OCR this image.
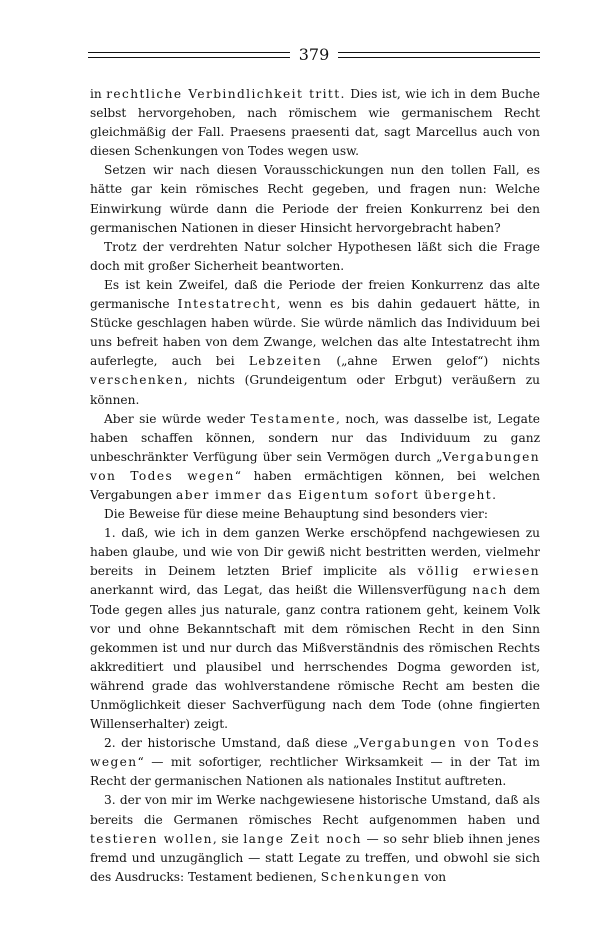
379

in rechtliche Verbindlichkeit tritt. Dies ist, wie ich in dem Buche selbst hervorgehoben, nach römischem wie germanischem Recht gleichmäßig der Fall. Praesens praesenti dat, sagt Marcellus auch von diesen Schenkungen von Todes wegen usw.

Setzen wir nach diesen Vorausschickungen nun den tollen Fall, es hätte gar kein römisches Recht gegeben, und fragen nun: Welche Einwirkung würde dann die Periode der freien Konkurrenz bei den germanischen Nationen in dieser Hinsicht hervorgebracht haben?

Trotz der verdrehten Natur solcher Hypothesen läßt sich die Frage doch mit großer Sicherheit beantworten.

Es ist kein Zweifel, daß die Periode der freien Konkurrenz das alte germanische Intestatrecht, wenn es bis dahin gedauert hätte, in Stücke geschlagen haben würde. Sie würde nämlich das Individuum bei uns befreit haben von dem Zwange, welchen das alte Intestatrecht ihm auferlegte, auch bei Lebzeiten („ahne Erwen gelof“) nichts verschenken, nichts (Grundeigentum oder Erbgut) veräußern zu können.

Aber sie würde weder Testamente, noch, was dasselbe ist, Legate haben schaffen können, sondern nur das Individuum zu ganz unbeschränkter Verfügung über sein Vermögen durch „Vergabungen von Todes wegen“ haben ermächtigen können, bei welchen Vergabungen aber immer das Eigentum sofort übergeht.

Die Beweise für diese meine Behauptung sind besonders vier:

1. daß, wie ich in dem ganzen Werke erschöpfend nachgewiesen zu haben glaube, und wie von Dir gewiß nicht bestritten werden, vielmehr bereits in Deinem letzten Brief implicite als völlig erwiesen anerkannt wird, das Legat, das heißt die Willensverfügung nach dem Tode gegen alles jus naturale, ganz contra rationem geht, keinem Volk vor und ohne Bekanntschaft mit dem römischen Recht in den Sinn gekommen ist und nur durch das Mißverständnis des römischen Rechts akkreditiert und plausibel und herrschendes Dogma geworden ist, während grade das wohlverstandene römische Recht am besten die Unmöglichkeit dieser Sachverfügung nach dem Tode (ohne fingierten Willenserhalter) zeigt.

2. der historische Umstand, daß diese „Vergabungen von Todes wegen“ — mit sofortiger, rechtlicher Wirksamkeit — in der Tat im Recht der germanischen Nationen als nationales Institut auftreten.

3. der von mir im Werke nachgewiesene historische Umstand, daß als bereits die Germanen römisches Recht aufgenommen haben und testieren wollen, sie lange Zeit noch — so sehr blieb ihnen jenes fremd und unzugänglich — statt Legate zu treffen, und obwohl sie sich des Ausdrucks: Testament bedienen, Schenkungen von
